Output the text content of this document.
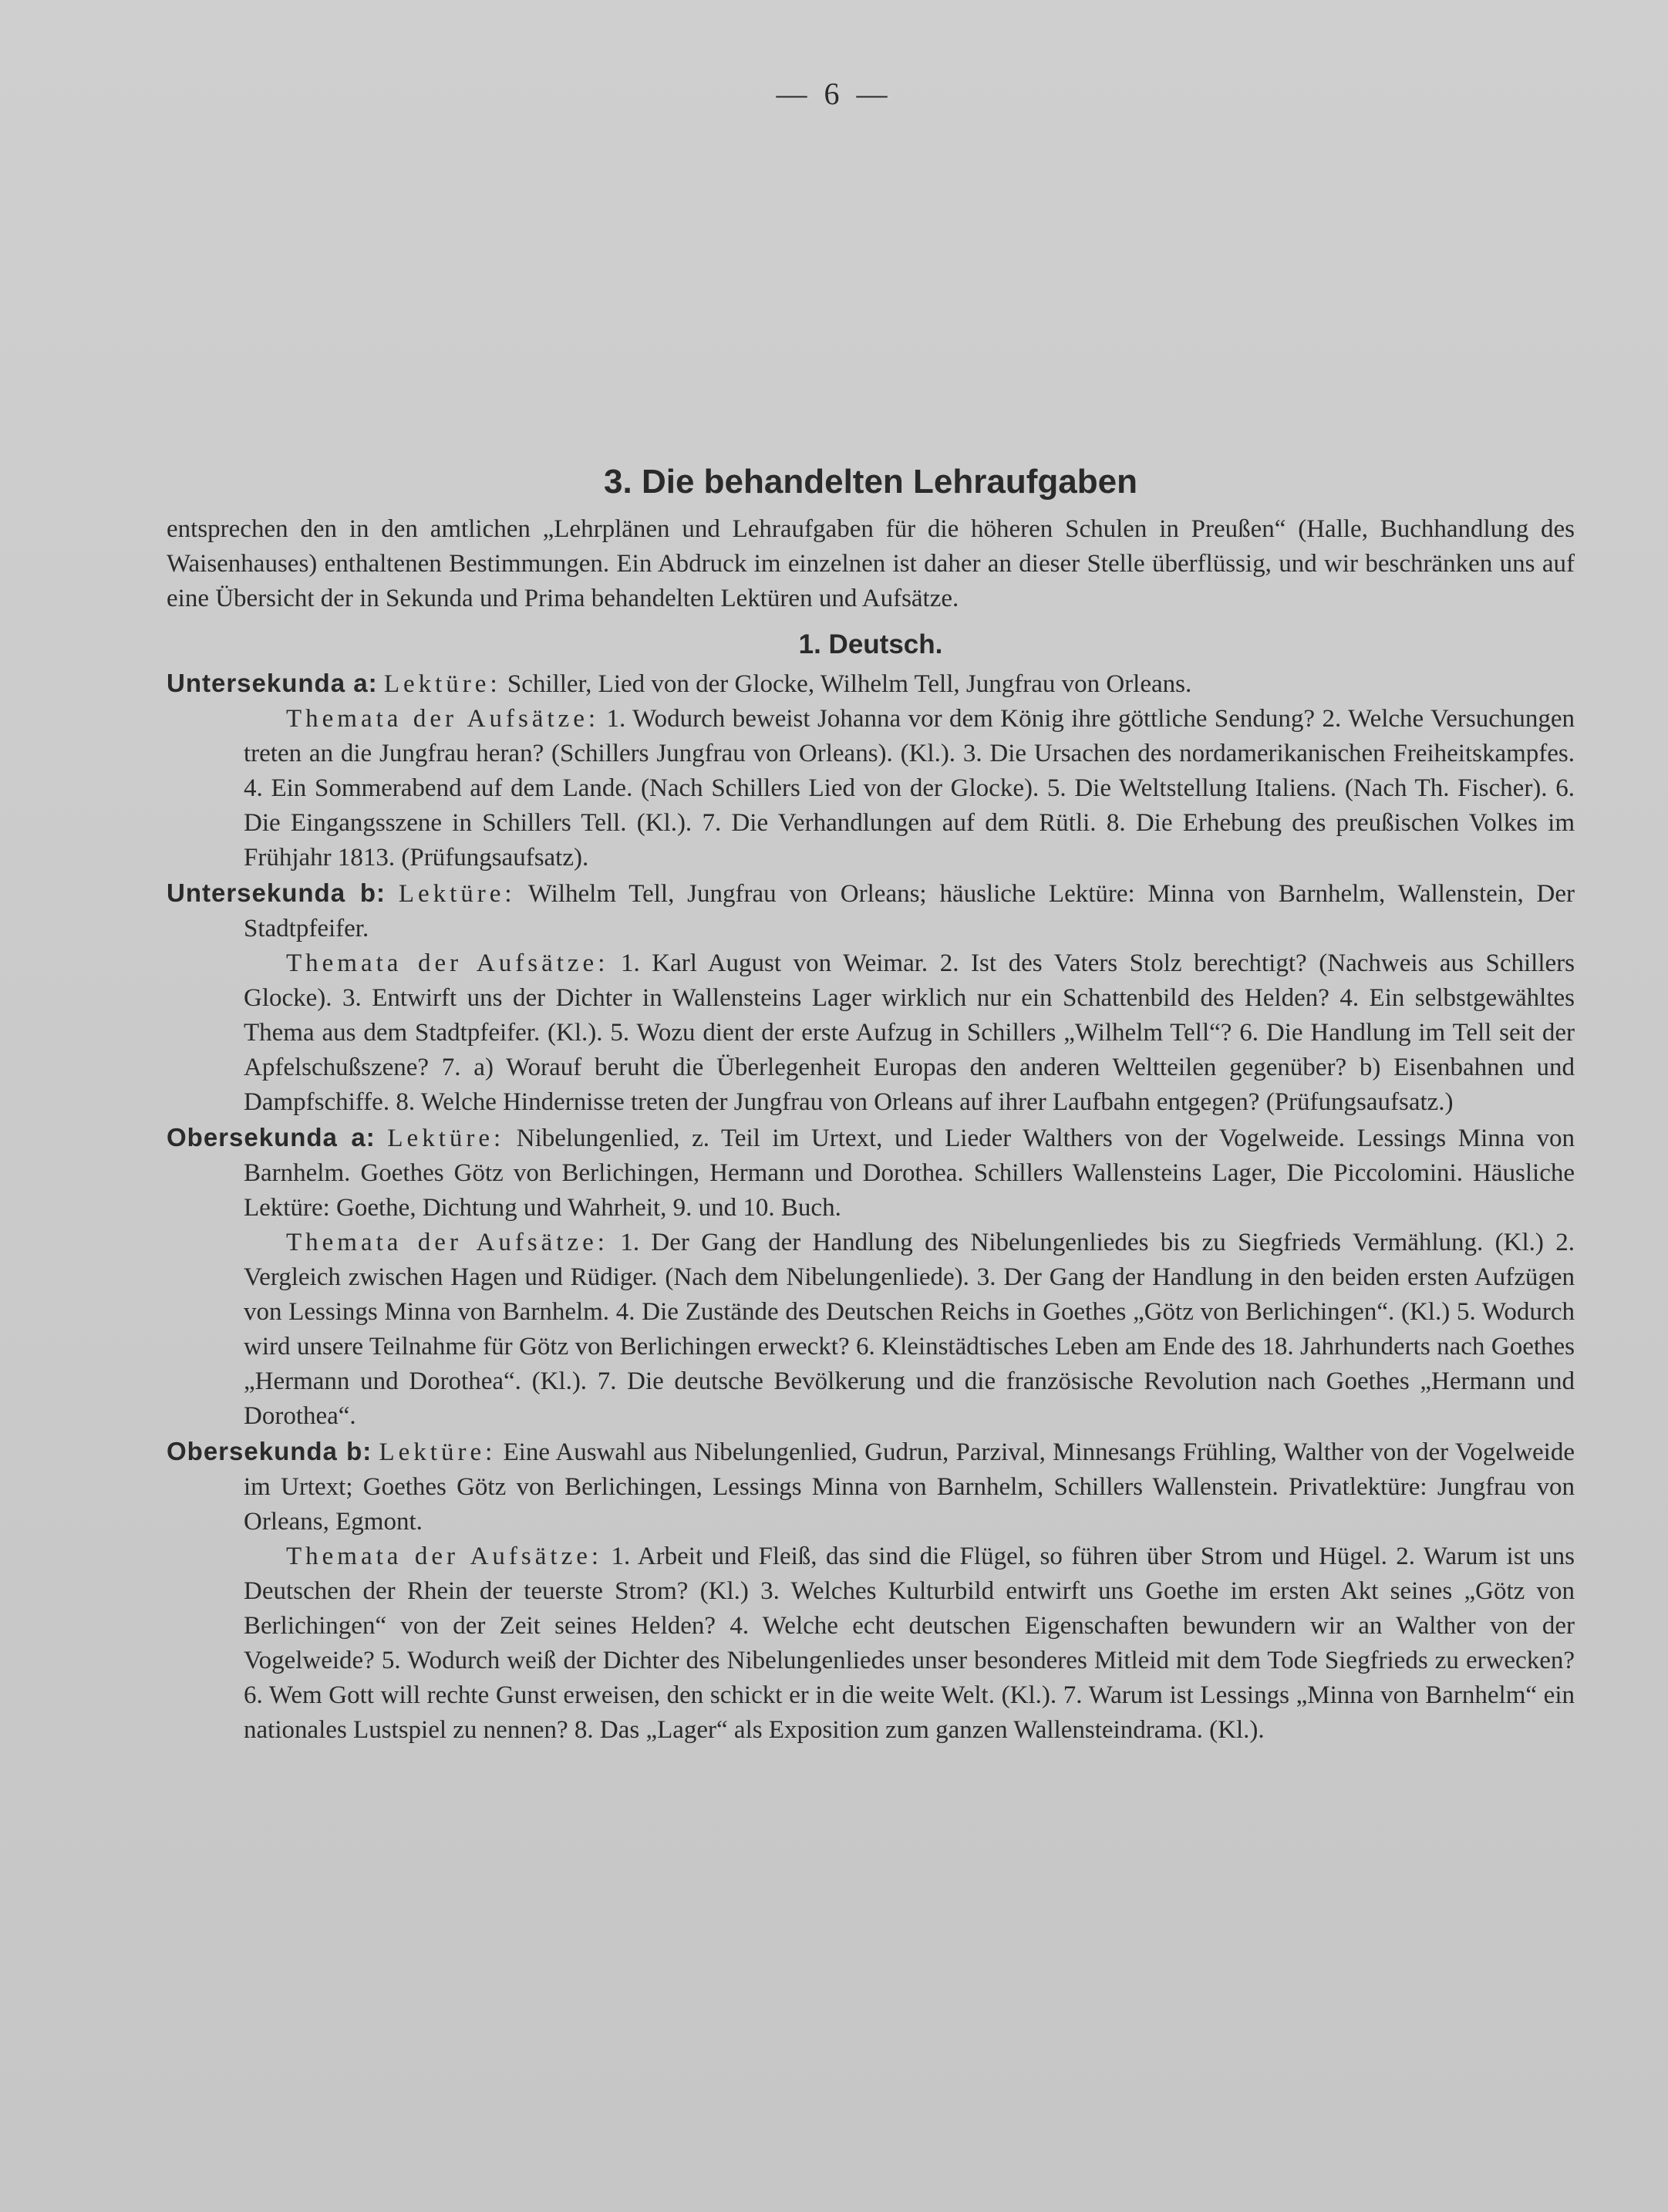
— 6 —
3. Die behandelten Lehraufgaben

entsprechen den in den amtlichen „Lehrplänen und Lehraufgaben für die höheren Schulen in Preußen“ (Halle, Buchhandlung des Waisenhauses) enthaltenen Bestimmungen. Ein Abdruck im einzelnen ist daher an dieser Stelle überflüssig, und wir beschränken uns auf eine Übersicht der in Sekunda und Prima behandelten Lektüren und Aufsätze.

1. Deutsch.

Untersekunda a: Lektüre: Schiller, Lied von der Glocke, Wilhelm Tell, Jungfrau von Orleans.

Themata der Aufsätze: 1. Wodurch beweist Johanna vor dem König ihre göttliche Sendung? 2. Welche Versuchungen treten an die Jungfrau heran? (Schillers Jungfrau von Orleans). (Kl.). 3. Die Ursachen des nordamerikanischen Freiheitskampfes. 4. Ein Sommerabend auf dem Lande. (Nach Schillers Lied von der Glocke). 5. Die Weltstellung Italiens. (Nach Th. Fischer). 6. Die Eingangsszene in Schillers Tell. (Kl.). 7. Die Verhandlungen auf dem Rütli. 8. Die Erhebung des preußischen Volkes im Frühjahr 1813. (Prüfungsaufsatz).

Untersekunda b: Lektüre: Wilhelm Tell, Jungfrau von Orleans; häusliche Lektüre: Minna von Barnhelm, Wallenstein, Der Stadtpfeifer.

Themata der Aufsätze: 1. Karl August von Weimar. 2. Ist des Vaters Stolz berechtigt? (Nachweis aus Schillers Glocke). 3. Entwirft uns der Dichter in Wallensteins Lager wirklich nur ein Schattenbild des Helden? 4. Ein selbstgewähltes Thema aus dem Stadtpfeifer. (Kl.). 5. Wozu dient der erste Aufzug in Schillers „Wilhelm Tell“? 6. Die Handlung im Tell seit der Apfelschußszene? 7. a) Worauf beruht die Überlegenheit Europas den anderen Weltteilen gegenüber? b) Eisenbahnen und Dampfschiffe. 8. Welche Hindernisse treten der Jungfrau von Orleans auf ihrer Laufbahn entgegen? (Prüfungsaufsatz.)

Obersekunda a: Lektüre: Nibelungenlied, z. Teil im Urtext, und Lieder Walthers von der Vogelweide. Lessings Minna von Barnhelm. Goethes Götz von Berlichingen, Hermann und Dorothea. Schillers Wallensteins Lager, Die Piccolomini. Häusliche Lektüre: Goethe, Dichtung und Wahrheit, 9. und 10. Buch.

Themata der Aufsätze: 1. Der Gang der Handlung des Nibelungenliedes bis zu Siegfrieds Vermählung. (Kl.) 2. Vergleich zwischen Hagen und Rüdiger. (Nach dem Nibelungenliede). 3. Der Gang der Handlung in den beiden ersten Aufzügen von Lessings Minna von Barnhelm. 4. Die Zustände des Deutschen Reichs in Goethes „Götz von Berlichingen“. (Kl.) 5. Wodurch wird unsere Teilnahme für Götz von Berlichingen erweckt? 6. Kleinstädtisches Leben am Ende des 18. Jahrhunderts nach Goethes „Hermann und Dorothea“. (Kl.). 7. Die deutsche Bevölkerung und die französische Revolution nach Goethes „Hermann und Dorothea“.

Obersekunda b: Lektüre: Eine Auswahl aus Nibelungenlied, Gudrun, Parzival, Minnesangs Frühling, Walther von der Vogelweide im Urtext; Goethes Götz von Berlichingen, Lessings Minna von Barnhelm, Schillers Wallenstein. Privatlektüre: Jungfrau von Orleans, Egmont.

Themata der Aufsätze: 1. Arbeit und Fleiß, das sind die Flügel, so führen über Strom und Hügel. 2. Warum ist uns Deutschen der Rhein der teuerste Strom? (Kl.) 3. Welches Kulturbild entwirft uns Goethe im ersten Akt seines „Götz von Berlichingen“ von der Zeit seines Helden? 4. Welche echt deutschen Eigenschaften bewundern wir an Walther von der Vogelweide? 5. Wodurch weiß der Dichter des Nibelungenliedes unser besonderes Mitleid mit dem Tode Siegfrieds zu erwecken? 6. Wem Gott will rechte Gunst erweisen, den schickt er in die weite Welt. (Kl.). 7. Warum ist Lessings „Minna von Barnhelm“ ein nationales Lustspiel zu nennen? 8. Das „Lager“ als Exposition zum ganzen Wallensteindrama. (Kl.).
